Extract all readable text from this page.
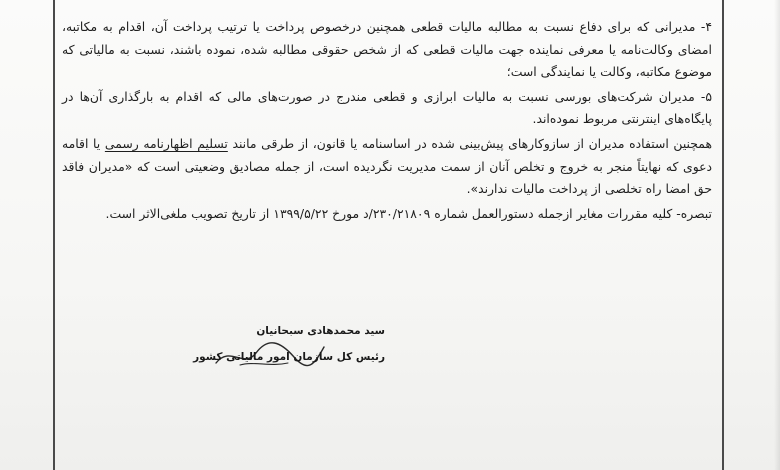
۴- مدیرانی که برای دفاع نسبت به مطالبه مالیات قطعی همچنین درخصوص پرداخت یا ترتیب پرداخت آن، اقدام به مکاتبه، امضای وکالت‌نامه یا معرفی نماینده جهت مالیات قطعی که از شخص حقوقی مطالبه شده، نموده باشند، نسبت به مالیاتی که موضوع مکاتبه، وکالت یا نمایندگی است؛

۵- مدیران شرکت‌های بورسی نسبت به مالیات ابرازی و قطعی مندرج در صورت‌های مالی که اقدام به بارگذاری آن‌ها در پایگاه‌های اینترنتی مربوط نموده‌اند.

همچنین استفاده مدیران از سازوکارهای پیش‌بینی شده در اساسنامه یا قانون، از طرقی مانند تسلیم اظهارنامه رسمی یا اقامه دعوی که نهایتاً منجر به خروج و تخلص آنان از سمت مدیریت نگردیده است، از جمله مصادیق وضعیتی است که «مدیران فاقد حق امضا راه تخلصی از پرداخت مالیات ندارند».

تبصره- کلیه مقررات مغایر ازجمله دستورالعمل شماره ۲۳۰/۲۱۸۰۹/د مورخ ۱۳۹۹/۵/۲۲ از تاریخ تصویب ملغی‌الاثر است.

سید محمدهادی سبحانیان

رئیس کل سازمان امور مالیاتی کشور
